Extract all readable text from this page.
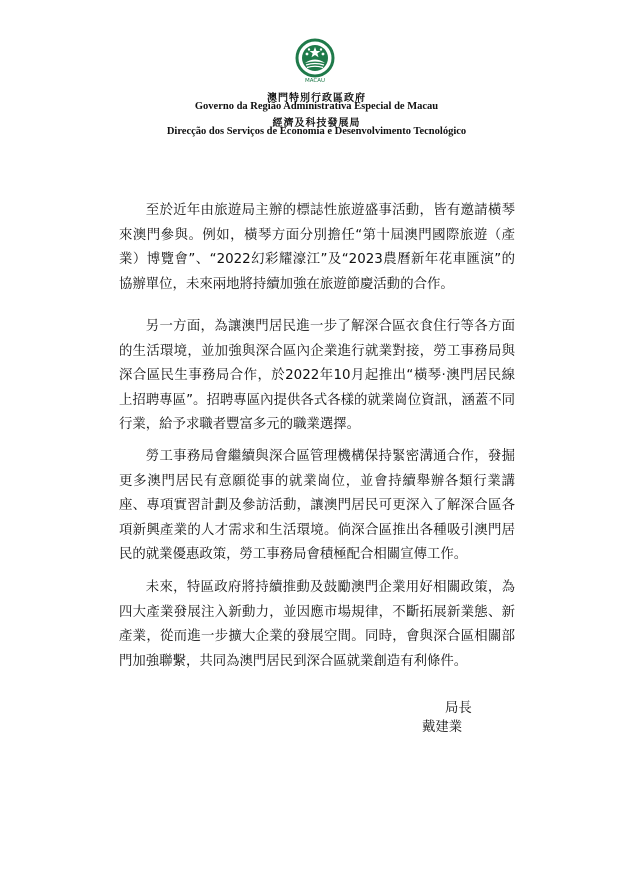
MACAU
澳門特別行政區政府
Governo da Região Administrativa Especial de Macau
經濟及科技發展局
Direcção dos Serviços de Economia e Desenvolvimento Tecnológico

至於近年由旅遊局主辦的標誌性旅遊盛事活動，皆有邀請橫琴來澳門參與。例如，橫琴方面分別擔任“第十屆澳門國際旅遊（產業）博覽會”、“2022幻彩耀濠江”及“2023農曆新年花車匯演”的協辦單位，未來兩地將持續加強在旅遊節慶活動的合作。

另一方面，為讓澳門居民進一步了解深合區衣食住行等各方面的生活環境，並加強與深合區內企業進行就業對接，勞工事務局與深合區民生事務局合作，於2022年10月起推出“橫琴·澳門居民線上招聘專區”。招聘專區內提供各式各樣的就業崗位資訊，涵蓋不同行業，給予求職者豐富多元的職業選擇。

勞工事務局會繼續與深合區管理機構保持緊密溝通合作，發掘更多澳門居民有意願從事的就業崗位，並會持續舉辦各類行業講座、專項實習計劃及參訪活動，讓澳門居民可更深入了解深合區各項新興產業的人才需求和生活環境。倘深合區推出各種吸引澳門居民的就業優惠政策，勞工事務局會積極配合相關宣傳工作。

未來，特區政府將持續推動及鼓勵澳門企業用好相關政策，為四大產業發展注入新動力，並因應市場規律，不斷拓展新業態、新產業，從而進一步擴大企業的發展空間。同時，會與深合區相關部門加強聯繫，共同為澳門居民到深合區就業創造有利條件。

局長
戴建業
